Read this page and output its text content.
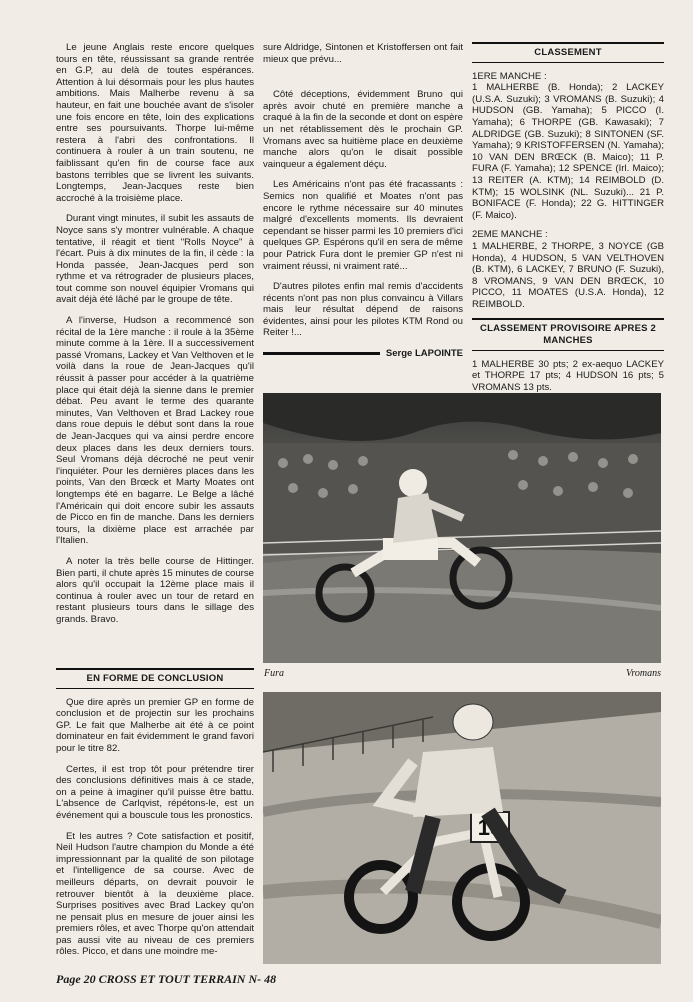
Le jeune Anglais reste encore quelques tours en tête, réussissant sa grande rentrée en G.P, au delà de toutes espérances. Attention à lui désormais pour les plus hautes ambitions. Mais Malherbe revenu à sa hauteur, en fait une bouchée avant de s'isoler une fois encore en tête, loin des explications entre ses poursuivants. Thorpe lui-même restera à l'abri des confrontations. Il continuera à rouler à un train soutenu, ne faiblissant qu'en fin de course face aux bastons terribles que se livrent les suivants. Longtemps, Jean-Jacques reste bien accroché à la troisième place.

Durant vingt minutes, il subit les assauts de Noyce sans s'y montrer vulnérable. A chaque tentative, il réagit et tient "Rolls Noyce" à l'écart. Puis à dix minutes de la fin, il cède : la Honda passée, Jean-Jacques perd son rythme et va rétrograder de plusieurs places, tout comme son nouvel équipier Vromans qui avait déjà été lâché par le groupe de tête.

A l'inverse, Hudson a recommencé son récital de la 1ère manche : il roule à la 35ème minute comme à la 1ère. Il a successivement passé Vromans, Lackey et Van Velthoven et le voilà dans la roue de Jean-Jacques qu'il réussit à passer pour accéder à la quatrième place qui était déjà la sienne dans le premier débat. Peu avant le terme des quarante minutes, Van Velthoven et Brad Lackey roue dans roue depuis le début sont dans la roue de Jean-Jacques qui va ainsi perdre encore deux places dans les deux derniers tours. Seul Vromans déjà décroché ne peut venir l'inquiéter. Pour les dernières places dans les points, Van den Brœck et Marty Moates ont longtemps été en bagarre. Le Belge a lâché l'Américain qui doit encore subir les assauts de Picco en fin de manche. Dans les derniers tours, la dixième place est arrachée par l'Italien.

A noter la très belle course de Hittinger. Bien parti, il chute après 15 minutes de course alors qu'il occupait la 12ème place mais il continua à rouler avec un tour de retard en restant plusieurs tours dans le sillage des grands. Bravo.

EN FORME DE CONCLUSION

Que dire après un premier GP en forme de conclusion et de projectin sur les prochains GP. Le fait que Malherbe ait été à ce point dominateur en fait évidemment le grand favori pour le titre 82.

Certes, il est trop tôt pour prétendre tirer des conclusions définitives mais à ce stade, on a peine à imaginer qu'il puisse être battu. L'absence de Carlqvist, répétons-le, est un événement qui a bouscule tous les pronostics.

Et les autres ? Cote satisfaction et positif, Neil Hudson l'autre champion du Monde a été impressionnant par la qualité de son pilotage et l'intelligence de sa course. Avec de meilleurs départs, on devrait pouvoir le retrouver bientôt à la deuxième place. Surprises positives avec Brad Lackey qu'on ne pensait plus en mesure de jouer ainsi les premiers rôles, et avec Thorpe qu'on attendait pas aussi vite au niveau de ces premiers rôles. Picco, et dans une moindre me-

sure Aldridge, Sintonen et Kristoffersen ont fait mieux que prévu...

Côté déceptions, évidemment Bruno qui après avoir chuté en première manche a craqué à la fin de la seconde et dont on espère un net rétablissement dès le prochain GP. Vromans avec sa huitième place en deuxième manche alors qu'on le disait possible vainqueur a également déçu.

Les Américains n'ont pas été fracassants : Semics non qualifié et Moates n'ont pas encore le rythme nécessaire sur 40 minutes malgré d'excellents moments. Ils devraient cependant se hisser parmi les 10 premiers d'ici quelques GP. Espérons qu'il en sera de même pour Patrick Fura dont le premier GP n'est ni vraiment réussi, ni vraiment raté...

D'autres pilotes enfin mal remis d'accidents récents n'ont pas non plus convaincu à Villars mais leur résultat dépend de raisons évidentes, ainsi pour les pilotes KTM Rond ou Reiter !...

Serge LAPOINTE
CLASSEMENT

1ERE MANCHE :

1 MALHERBE (B. Honda); 2 LACKEY (U.S.A. Suzuki); 3 VROMANS (B. Suzuki); 4 HUDSON (GB. Yamaha); 5 PICCO (I. Yamaha); 6 THORPE (GB. Kawasaki); 7 ALDRIDGE (GB. Suzuki); 8 SINTONEN (SF. Yamaha); 9 KRISTOFFERSEN (N. Yamaha); 10 VAN DEN BRŒCK (B. Maico); 11 P. FURA (F. Yamaha); 12 SPENCE (Irl. Maico); 13 REITER (A. KTM); 14 REIMBOLD (D. KTM); 15 WOLSINK (NL. Suzuki)... 21 P. BONIFACE (F. Honda); 22 G. HITTINGER (F. Maico).

2EME MANCHE :

1 MALHERBE, 2 THORPE, 3 NOYCE (GB Honda), 4 HUDSON, 5 VAN VELTHOVEN (B. KTM), 6 LACKEY, 7 BRUNO (F. Suzuki), 8 VROMANS, 9 VAN DEN BRŒCK, 10 PICCO, 11 MOATES (U.S.A. Honda), 12 REIMBOLD.

CLASSEMENT PROVISOIRE APRES 2 MANCHES

1 MALHERBE 30 pts; 2 ex-aequo LACKEY et THORPE 17 pts; 4 HUDSON 16 pts; 5 VROMANS 13 pts.

Fura	Vromans
18
Page 20 CROSS ET TOUT TERRAIN N- 48
